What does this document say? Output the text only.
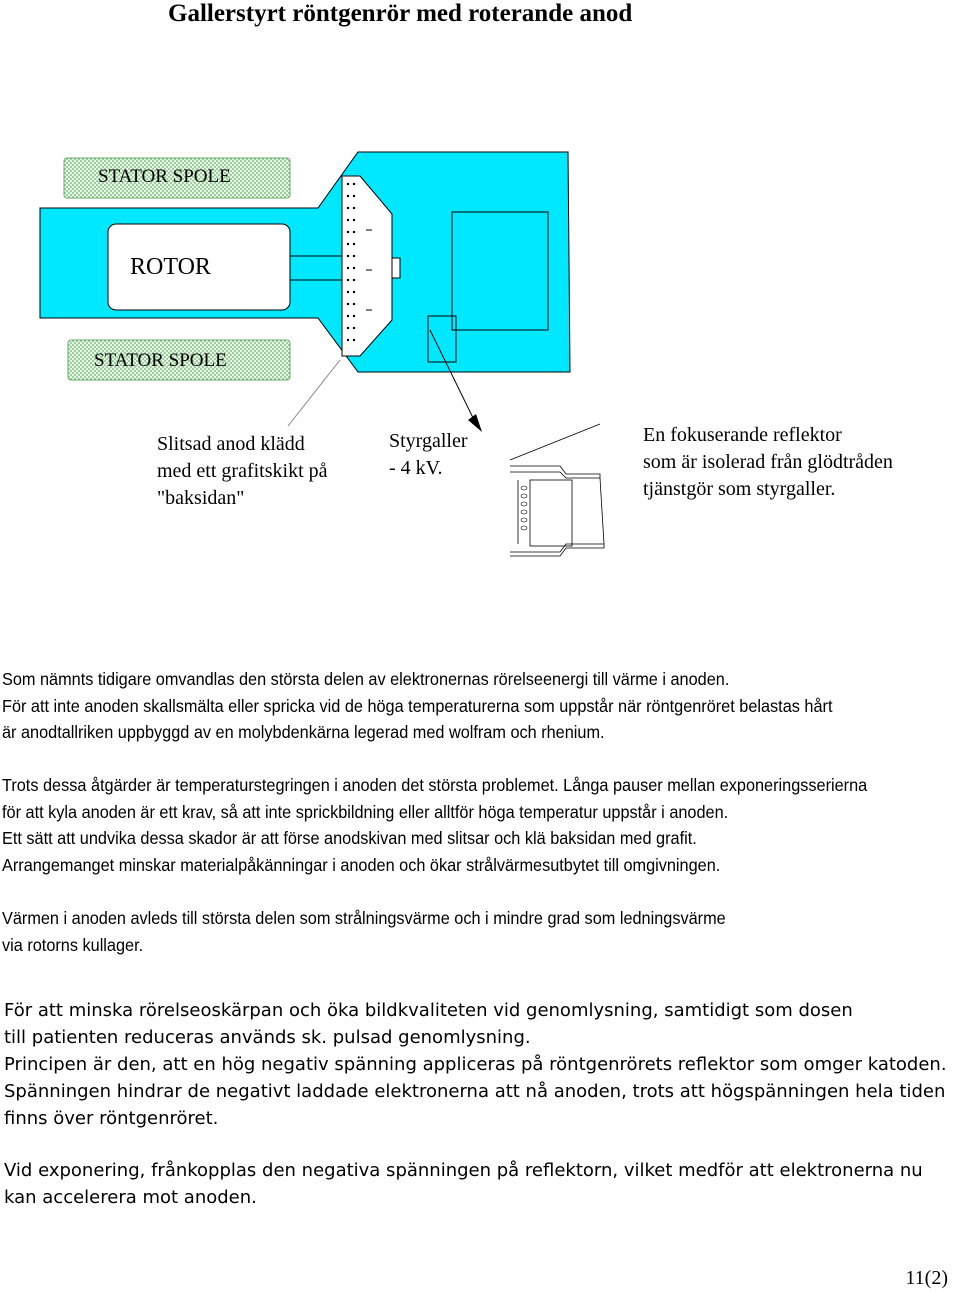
Gallerstyrt röntgenrör med roterande anod
STATOR SPOLE
ROTOR
STATOR SPOLE
Slitsad anod klädd
med ett grafitskikt på
"baksidan"
Styrgaller
- 4 kV.
En fokuserande reflektor
som är isolerad från glödtråden
tjänstgör som styrgaller.
Som nämnts tidigare omvandlas den största delen av elektronernas rörelseenergi till värme i anoden.
För att inte anoden skallsmälta eller spricka vid de höga temperaturerna som uppstår när röntgenröret belastas hårt
är anodtallriken uppbyggd av en molybdenkärna legerad med wolfram och rhenium.
Trots dessa åtgärder är temperaturstegringen i anoden det största problemet. Långa pauser mellan exponeringsserierna
för att kyla anoden är ett krav, så att inte sprickbildning eller alltför höga temperatur uppstår i anoden.
Ett sätt att undvika dessa skador är att förse anodskivan med slitsar och klä baksidan med grafit.
Arrangemanget minskar materialpåkänningar i anoden och ökar strålvärmesutbytet till omgivningen.
Värmen i anoden avleds till största delen som strålningsvärme och i mindre grad som ledningsvärme
via rotorns kullager.
För att minska rörelseoskärpan och öka bildkvaliteten vid genomlysning, samtidigt som dosen
till patienten reduceras används sk. pulsad genomlysning.
Principen är den, att en hög negativ spänning appliceras på röntgenrörets reflektor som omger katoden.
Spänningen hindrar de negativt laddade elektronerna att nå anoden, trots att högspänningen hela tiden
finns över röntgenröret.
Vid exponering, frånkopplas den negativa spänningen på reflektorn, vilket medför att elektronerna nu
kan accelerera mot anoden.
11(2)
